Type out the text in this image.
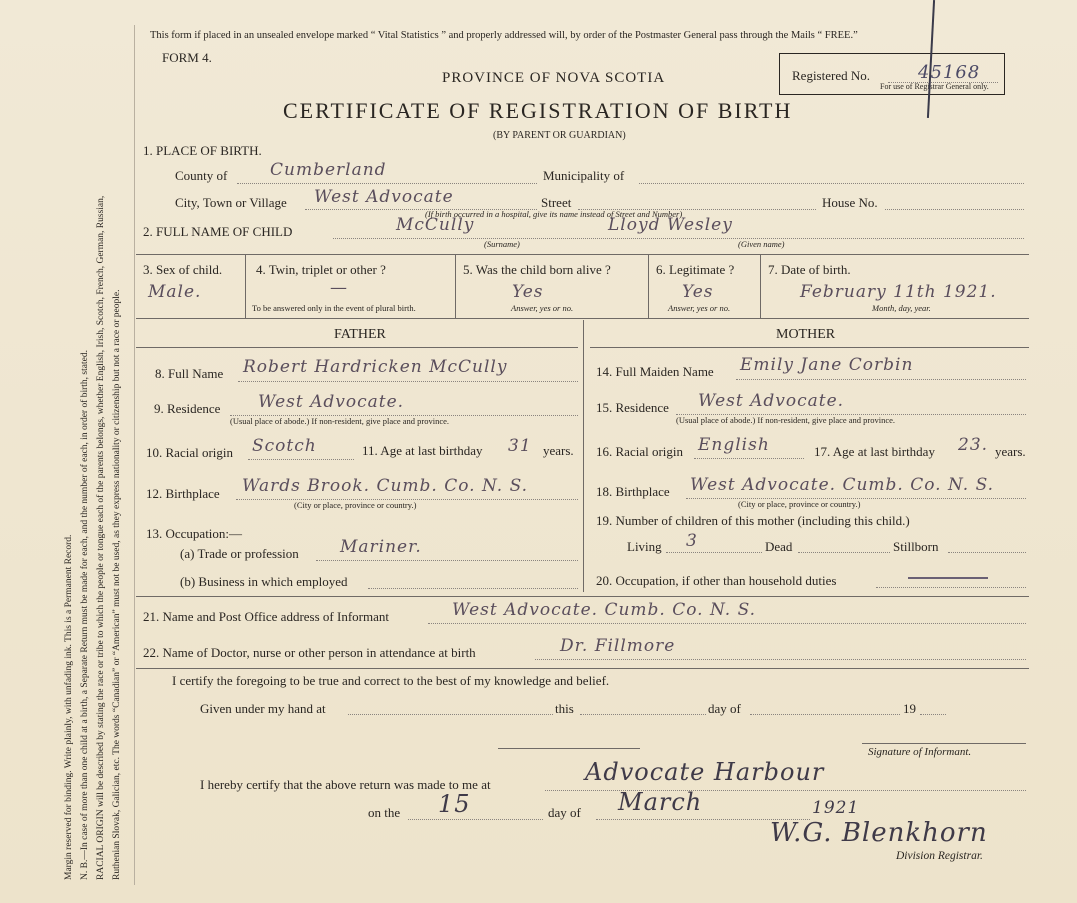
Margin reserved for binding. Write plainly, with unfading ink. This is a Permanent Record. N. B.—In case of more than one child at a birth, a Separate Return must be made for each, and the number of each, in order of birth, stated. RACIAL ORIGIN will be described by stating the race or tribe to which the people or tongue each of the parents belongs, whether English, Irish, Scotch, French, German, Russian, Ruthenian Slovak, Galician, etc. The words “Canadian” or “American” must not be used, as they express nationality or citizenship but not a race or people.
This form if placed in an unsealed envelope marked “ Vital Statistics ” and properly addressed will, by order of the Postmaster General pass through the Mails “ FREE.”
FORM 4.
PROVINCE OF NOVA SCOTIA
CERTIFICATE OF REGISTRATION OF BIRTH
(BY PARENT OR GUARDIAN)
Registered No.	45168
For use of Registrar General only.
1. PLACE OF BIRTH.
County of	Cumberland	Municipality of
City, Town or Village West Advocate	Street	House No.
(If birth occurred in a hospital, give its name instead of Street and Number)
2. FULL NAME OF CHILD	McCully	Lloyd Wesley
(Surname)	(Given name)
3. Sex of child.
Male.
4. Twin, triplet or other ?
—
To be answered only in the event of plural birth.
5. Was the child born alive ?
Yes
Answer, yes or no.
6. Legitimate ?
Yes
Answer, yes or no.
7. Date of birth.
February 11th 1921.
Month, day, year.
FATHER	MOTHER
8. Full Name Robert Hardricken McCully
9. Residence West Advocate.
(Usual place of abode.) If non-resident, give place and province.
10. Racial origin Scotch	11. Age at last birthday 31 years.
12. Birthplace Wards Brook. Cumb. Co. N. S.
(City or place, province or country.)
13. Occupation:—
(a) Trade or profession Mariner.
(b) Business in which employed
14. Full Maiden Name Emily Jane Corbin
15. Residence West Advocate.
(Usual place of abode.) If non-resident, give place and province.
16. Racial origin English	17. Age at last birthday 23. years.
18. Birthplace West Advocate. Cumb. Co. N. S.
(City or place, province or country.)
19. Number of children of this mother (including this child.)
Living 3	Dead	Stillborn
20. Occupation, if other than household duties
21. Name and Post Office address of Informant	West Advocate. Cumb. Co. N. S.
22. Name of Doctor, nurse or other person in attendance at birth	Dr. Fillmore
I certify the foregoing to be true and correct to the best of my knowledge and belief.
Given under my hand at	this	day of	19
Signature of Informant.
I hereby certify that the above return was made to me at	Advocate Harbour
on the 15	day of March	1921
W.G. Blenkhorn
Division Registrar.
